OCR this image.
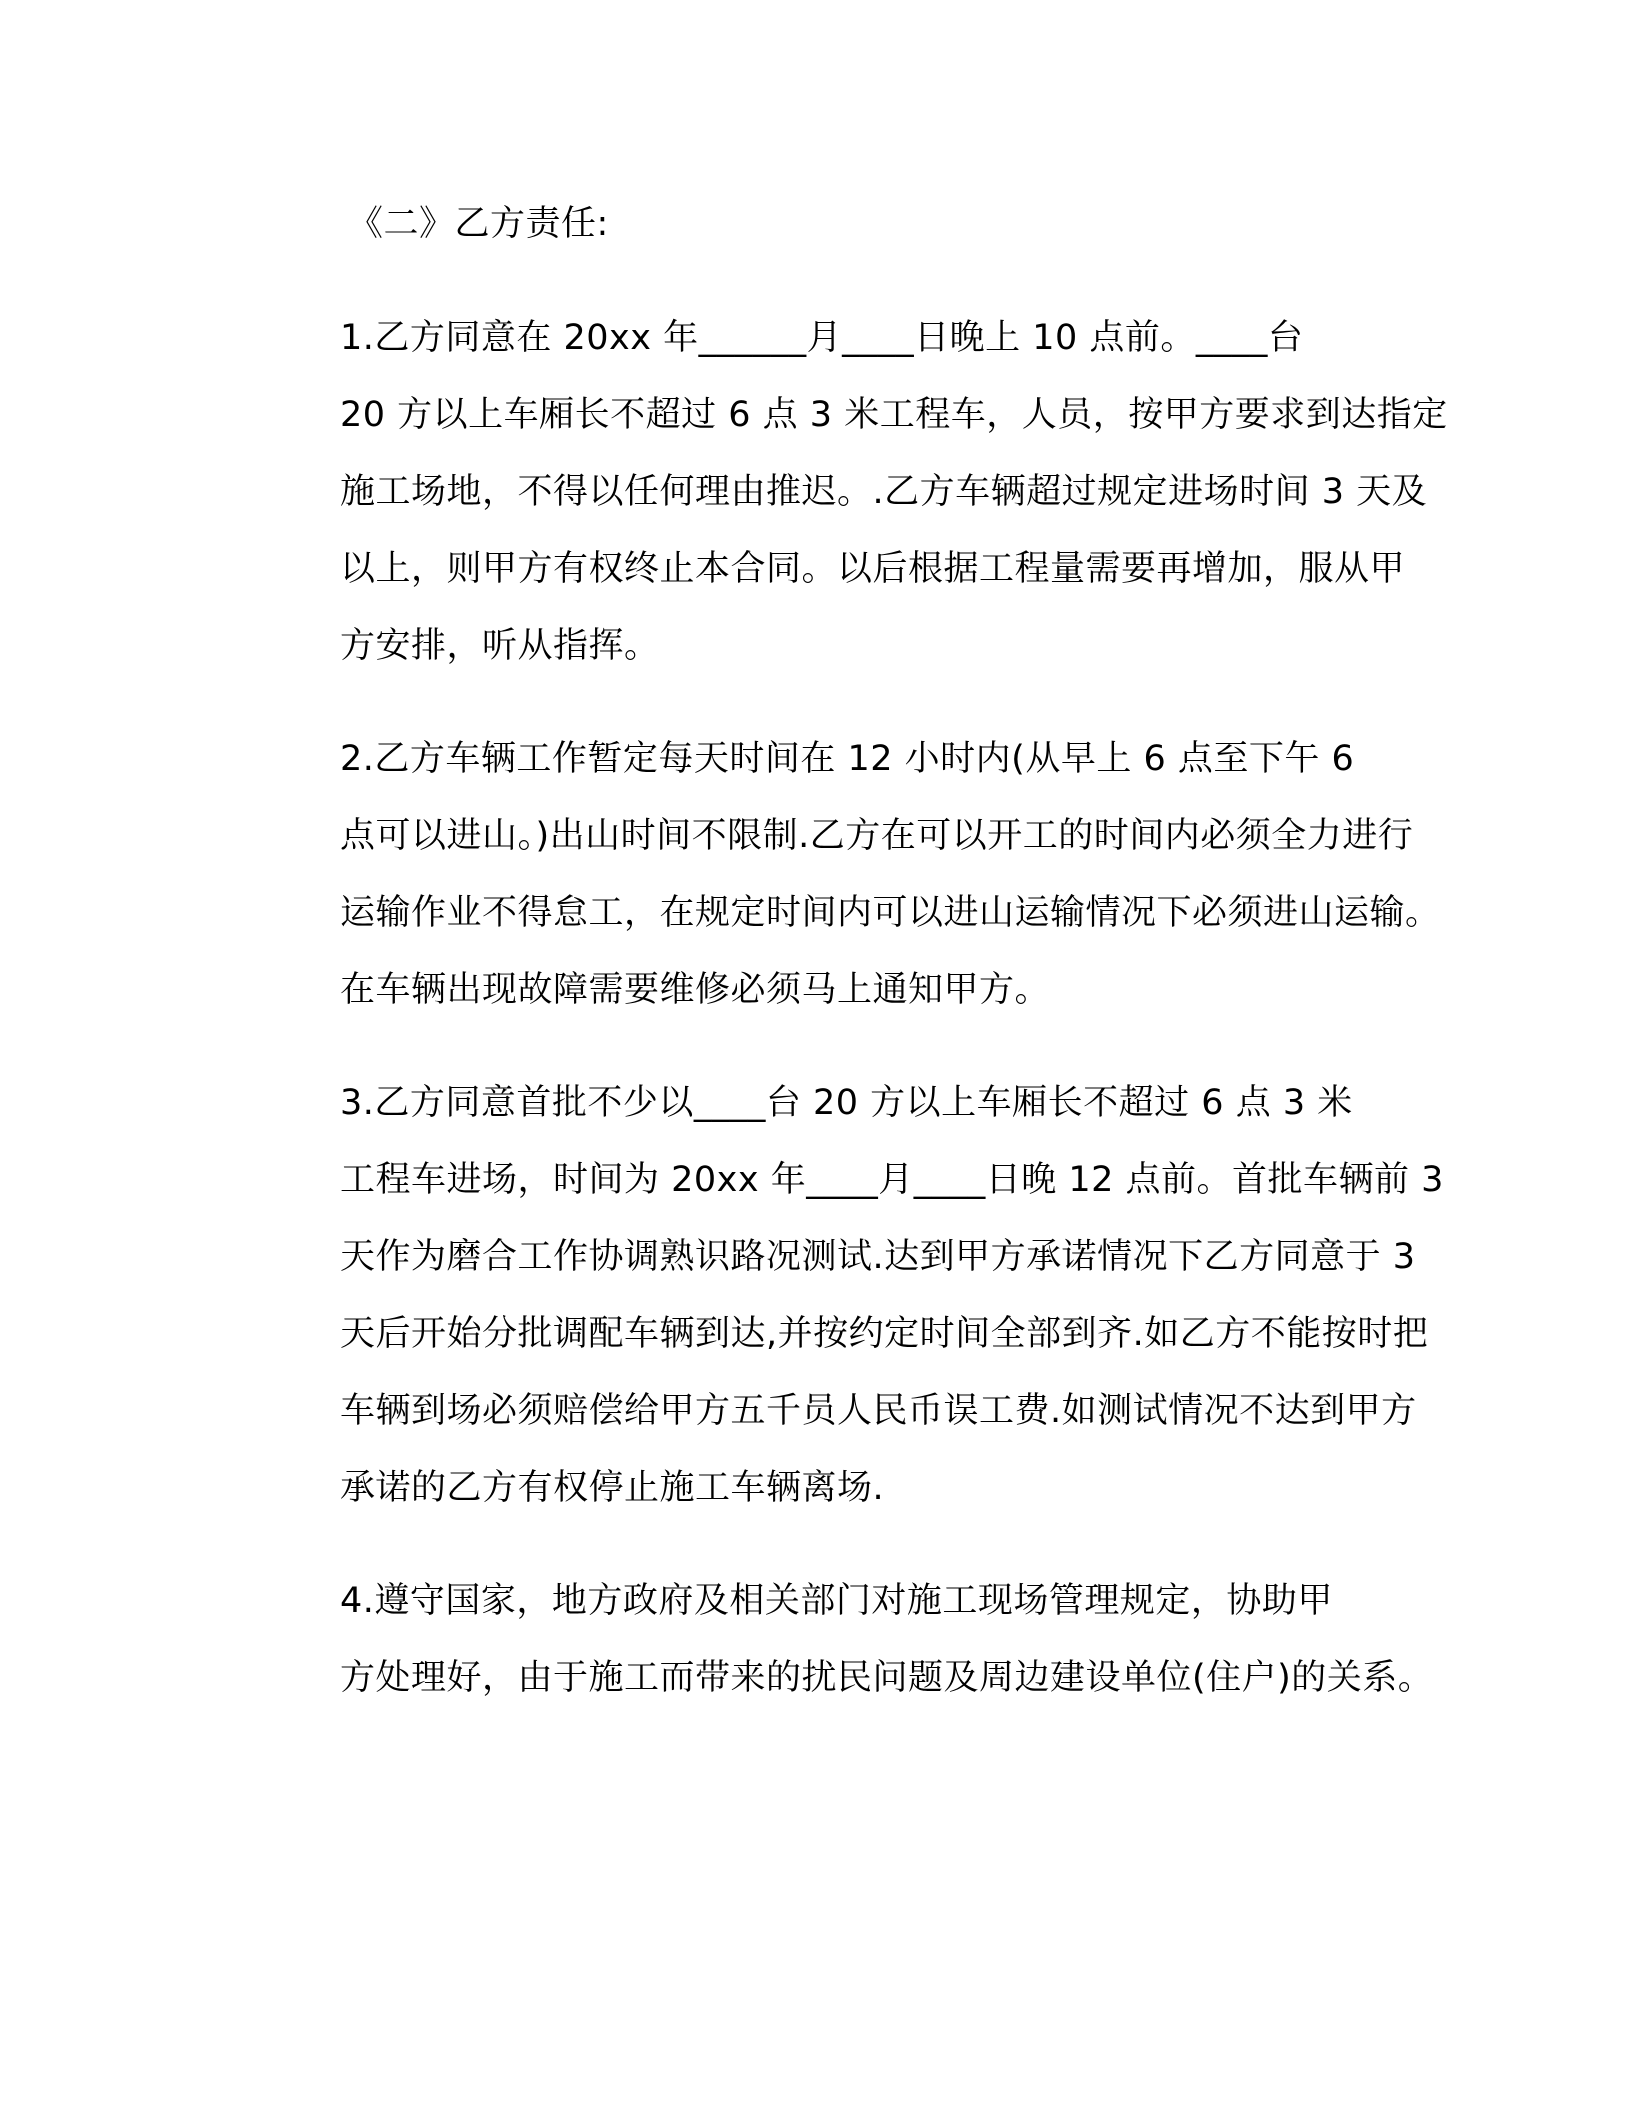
《二》乙方责任:
1.乙方同意在 20xx 年______月____日晚上 10 点前。____台
20 方以上车厢长不超过 6 点 3 米工程车，人员，按甲方要求到达指定
施工场地，不得以任何理由推迟。.乙方车辆超过规定进场时间 3 天及
以上，则甲方有权终止本合同。以后根据工程量需要再增加，服从甲
方安排，听从指挥。
2.乙方车辆工作暂定每天时间在 12 小时内(从早上 6 点至下午 6
点可以进山。)出山时间不限制.乙方在可以开工的时间内必须全力进行
运输作业不得怠工，在规定时间内可以进山运输情况下必须进山运输。
在车辆出现故障需要维修必须马上通知甲方。
3.乙方同意首批不少以____台 20 方以上车厢长不超过 6 点 3 米
工程车进场，时间为 20xx 年____月____日晚 12 点前。首批车辆前 3
天作为磨合工作协调熟识路况测试.达到甲方承诺情况下乙方同意于 3
天后开始分批调配车辆到达,并按约定时间全部到齐.如乙方不能按时把
车辆到场必须赔偿给甲方五千员人民币误工费.如测试情况不达到甲方
承诺的乙方有权停止施工车辆离场.
4.遵守国家，地方政府及相关部门对施工现场管理规定，协助甲
方处理好，由于施工而带来的扰民问题及周边建设单位(住户)的关系。
